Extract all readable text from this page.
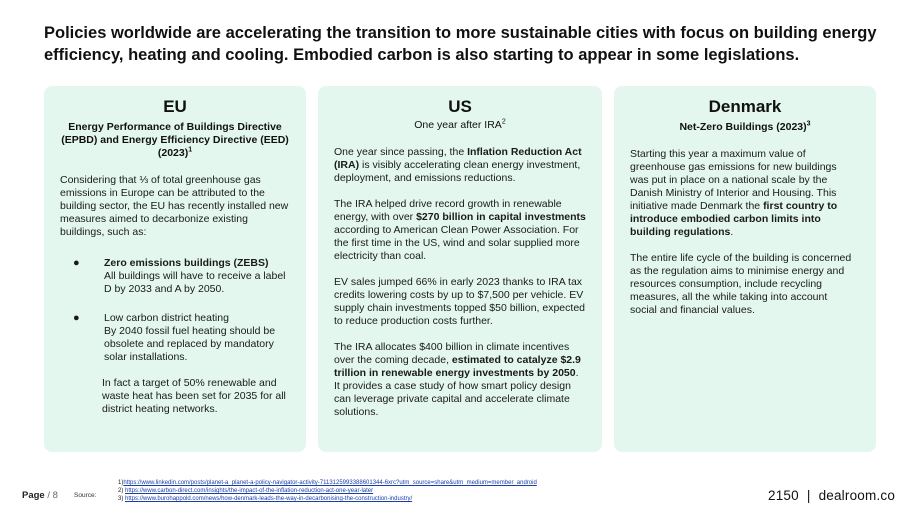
Policies worldwide are accelerating the transition to more sustainable cities with focus on building energy efficiency, heating and cooling. Embodied carbon is also starting to appear in some legislations.
EU
Energy Performance of Buildings Directive (EPBD) and Energy Efficiency Directive (EED) $(2023)^1$
Considering that ⅓ of total greenhouse gas emissions in Europe can be attributed to the building sector, the EU has recently installed new measures aimed to decarbonize existing buildings, such as:
● Zero emissions buildings (ZEBS)
All buildings will have to receive a label D by 2033 and A by 2050.
● Low carbon district heating
By 2040 fossil fuel heating should be obsolete and replaced by mandatory solar installations.
In fact a target of 50% renewable and waste heat has been set for 2035 for all district heating networks.
US
One year after IRA$^2$
One year since passing, the Inflation Reduction Act (IRA) is visibly accelerating clean energy investment, deployment, and emissions reductions.
The IRA helped drive record growth in renewable energy, with over $270 billion in capital investments according to American Clean Power Association. For the first time in the US, wind and solar supplied more electricity than coal.
EV sales jumped 66% in early 2023 thanks to IRA tax credits lowering costs by up to $7,500 per vehicle. EV supply chain investments topped $50 billion, expected to reduce production costs further.
The IRA allocates $400 billion in climate incentives over the coming decade, estimated to catalyze $2.9 trillion in renewable energy investments by 2050. It provides a case study of how smart policy design can leverage private capital and accelerate climate solutions.
Denmark
Net-Zero Buildings $(2023)^3$
Starting this year a maximum value of greenhouse gas emissions for new buildings was put in place on a national scale by the Danish Ministry of Interior and Housing. This initiative made Denmark the first country to introduce embodied carbon limits into building regulations.
The entire life cycle of the building is concerned as the regulation aims to minimise energy and resources consumption, include recycling measures, all the while taking into account social and financial values.
Page / 8 Source:
1)https://www.linkedin.com/posts/planet-a_planet-a-policy-navigator-activity-7113125993388601344-6xrc?utm_source=share&utm_medium=member_android
2) https://www.carbon-direct.com/insights/the-impact-of-the-inflation-reduction-act-one-year-later
3) https://www.burohappold.com/news/how-denmark-leads-the-way-in-decarbonising-the-construction-industry/	2150 | dealroom.co
